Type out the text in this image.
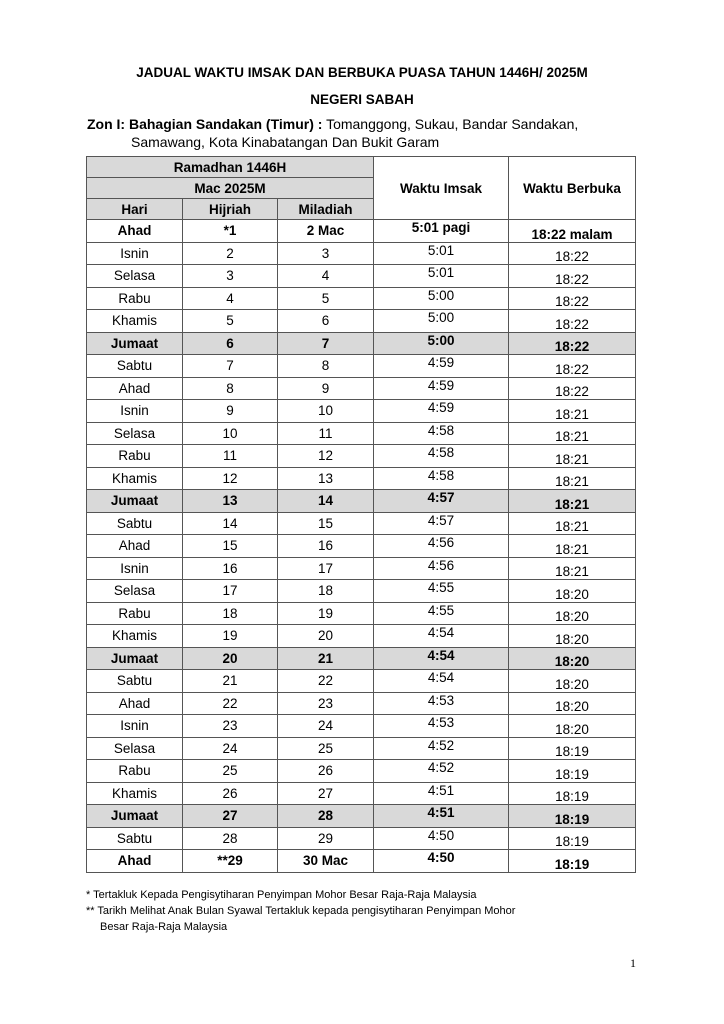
JADUAL WAKTU IMSAK DAN BERBUKA PUASA TAHUN 1446H/ 2025M
NEGERI SABAH
Zon I: Bahagian Sandakan (Timur) : Tomanggong, Sukau, Bandar Sandakan,
Samawang, Kota Kinabatangan Dan Bukit Garam
Ramadhan 1446H			Waktu Imsak	Waktu Berbuka
Mac 2025M				
Hari	Hijriah	Miladiah		
Ahad	*1	2 Mac	5:01 pagi	18:22 malam
Isnin	2	3	5:01	18:22
Selasa	3	4	5:01	18:22
Rabu	4	5	5:00	18:22
Khamis	5	6	5:00	18:22
Jumaat	6	7	5:00	18:22
Sabtu	7	8	4:59	18:22
Ahad	8	9	4:59	18:22
Isnin	9	10	4:59	18:21
Selasa	10	11	4:58	18:21
Rabu	11	12	4:58	18:21
Khamis	12	13	4:58	18:21
Jumaat	13	14	4:57	18:21
Sabtu	14	15	4:57	18:21
Ahad	15	16	4:56	18:21
Isnin	16	17	4:56	18:21
Selasa	17	18	4:55	18:20
Rabu	18	19	4:55	18:20
Khamis	19	20	4:54	18:20
Jumaat	20	21	4:54	18:20
Sabtu	21	22	4:54	18:20
Ahad	22	23	4:53	18:20
Isnin	23	24	4:53	18:20
Selasa	24	25	4:52	18:19
Rabu	25	26	4:52	18:19
Khamis	26	27	4:51	18:19
Jumaat	27	28	4:51	18:19
Sabtu	28	29	4:50	18:19
Ahad	**29	30 Mac	4:50	18:19
* Tertakluk Kepada Pengisytiharan Penyimpan Mohor Besar Raja-Raja Malaysia
** Tarikh Melihat Anak Bulan Syawal Tertakluk kepada pengisytiharan Penyimpan Mohor
Besar Raja-Raja Malaysia
1
